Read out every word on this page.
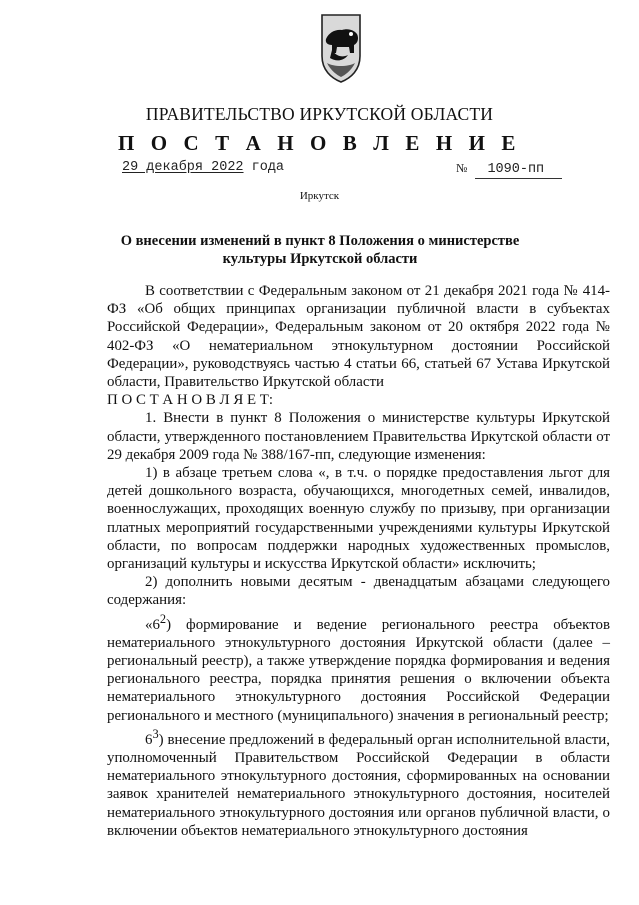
ПРАВИТЕЛЬСТВО ИРКУТСКОЙ ОБЛАСТИ
П О С Т А Н О В Л Е Н И Е
29 декабря 2022 года	№ 1090-пп
Иркутск
О внесении изменений в пункт 8 Положения о министерстве
культуры Иркутской области

В соответствии с Федеральным законом от 21 декабря 2021 года № 414-ФЗ «Об общих принципах организации публичной власти в субъектах Российской Федерации», Федеральным законом от 20 октября 2022 года № 402-ФЗ «О нематериальном этнокультурном достоянии Российской Федерации», руководствуясь частью 4 статьи 66, статьей 67 Устава Иркутской области, Правительство Иркутской области

П О С Т А Н О В Л Я Е Т:

1. Внести в пункт 8 Положения о министерстве культуры Иркутской области, утвержденного постановлением Правительства Иркутской области от 29 декабря 2009 года № 388/167-пп, следующие изменения:

1) в абзаце третьем слова «, в т.ч. о порядке предоставления льгот для детей дошкольного возраста, обучающихся, многодетных семей, инвалидов, военнослужащих, проходящих военную службу по призыву, при организации платных мероприятий государственными учреждениями культуры Иркутской области, по вопросам поддержки народных художественных промыслов, организаций культуры и искусства Иркутской области» исключить;

2) дополнить новыми десятым - двенадцатым абзацами следующего содержания:

«$6^2$) формирование и ведение регионального реестра объектов нематериального этнокультурного достояния Иркутской области (далее – региональный реестр), а также утверждение порядка формирования и ведения регионального реестра, порядка принятия решения о включении объекта нематериального этнокультурного достояния Российской Федерации регионального и местного (муниципального) значения в региональный реестр;

$6^3$) внесение предложений в федеральный орган исполнительной власти, уполномоченный Правительством Российской Федерации в области нематериального этнокультурного достояния, сформированных на основании заявок хранителей нематериального этнокультурного достояния, носителей нематериального этнокультурного достояния или органов публичной власти, о включении объектов нематериального этнокультурного достояния
